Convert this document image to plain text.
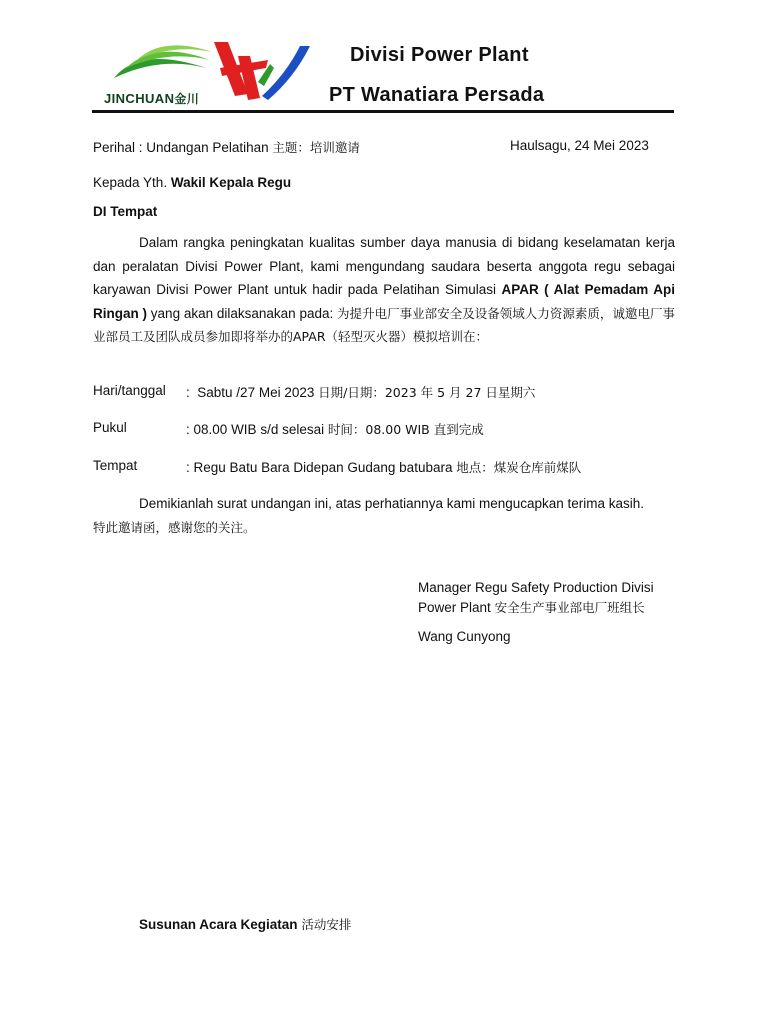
JINCHUAN金川
Divisi Power Plant
PT Wanatiara Persada
Perihal : Undangan Pelatihan 主题：培训邀请	Haulsagu, 24 Mei 2023
Kepada Yth. Wakil Kepala Regu
DI Tempat
Dalam rangka peningkatan kualitas sumber daya manusia di bidang keselamatan kerja dan peralatan Divisi Power Plant, kami mengundang saudara beserta anggota regu sebagai karyawan Divisi Power Plant untuk hadir pada Pelatihan Simulasi APAR ( Alat Pemadam Api Ringan ) yang akan dilaksanakan pada: 为提升电厂事业部安全及设备领域人力资源素质，诚邀电厂事业部员工及团队成员参加即将举办的APAR（轻型灭火器）模拟培训在：
Hari/tanggal : Sabtu /27 Mei 2023 日期/日期：2023 年 5 月 27 日星期六
Pukul	: 08.00 WIB s/d selesai 时间：08.00 WIB 直到完成
Tempat	: Regu Batu Bara Didepan Gudang batubara 地点：煤炭仓库前煤队
Demikianlah surat undangan ini, atas perhatiannya kami mengucapkan terima kasih.
特此邀请函，感谢您的关注。
Manager Regu Safety Production Divisi
Power Plant 安全生产事业部电厂班组长
Wang Cunyong
Susunan Acara Kegiatan 活动安排
